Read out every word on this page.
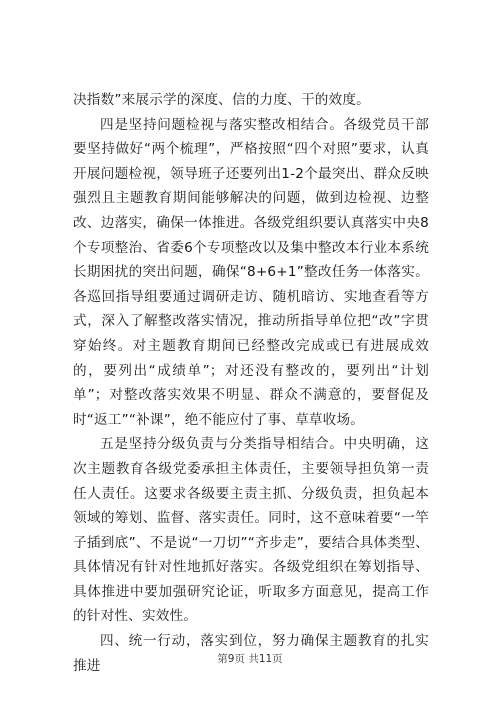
决指数”来展示学的深度、信的力度、干的效度。

四是坚持问题检视与落实整改相结合。各级党员干部要坚持做好“两个梳理”，严格按照“四个对照”要求，认真开展问题检视，领导班子还要列出1-2个最突出、群众反映强烈且主题教育期间能够解决的问题，做到边检视、边整改、边落实，确保一体推进。各级党组织要认真落实中央8个专项整治、省委6个专项整改以及集中整改本行业本系统长期困扰的突出问题，确保“8+6+1”整改任务一体落实。各巡回指导组要通过调研走访、随机暗访、实地查看等方式，深入了解整改落实情况，推动所指导单位把“改”字贯穿始终。对主题教育期间已经整改完成或已有进展成效的，要列出“成绩单”；对还没有整改的，要列出“计划单”；对整改落实效果不明显、群众不满意的，要督促及时“返工”“补课”，绝不能应付了事、草草收场。

五是坚持分级负责与分类指导相结合。中央明确，这次主题教育各级党委承担主体责任，主要领导担负第一责任人责任。这要求各级要主责主抓、分级负责，担负起本领域的筹划、监督、落实责任。同时，这不意味着要“一竿子插到底”、不是说“一刀切”“齐步走”，要结合具体类型、具体情况有针对性地抓好落实。各级党组织在筹划指导、具体推进中要加强研究论证，听取多方面意见，提高工作的针对性、实效性。

四、统一行动，落实到位，努力确保主题教育的扎实推进	第9页 共11页
